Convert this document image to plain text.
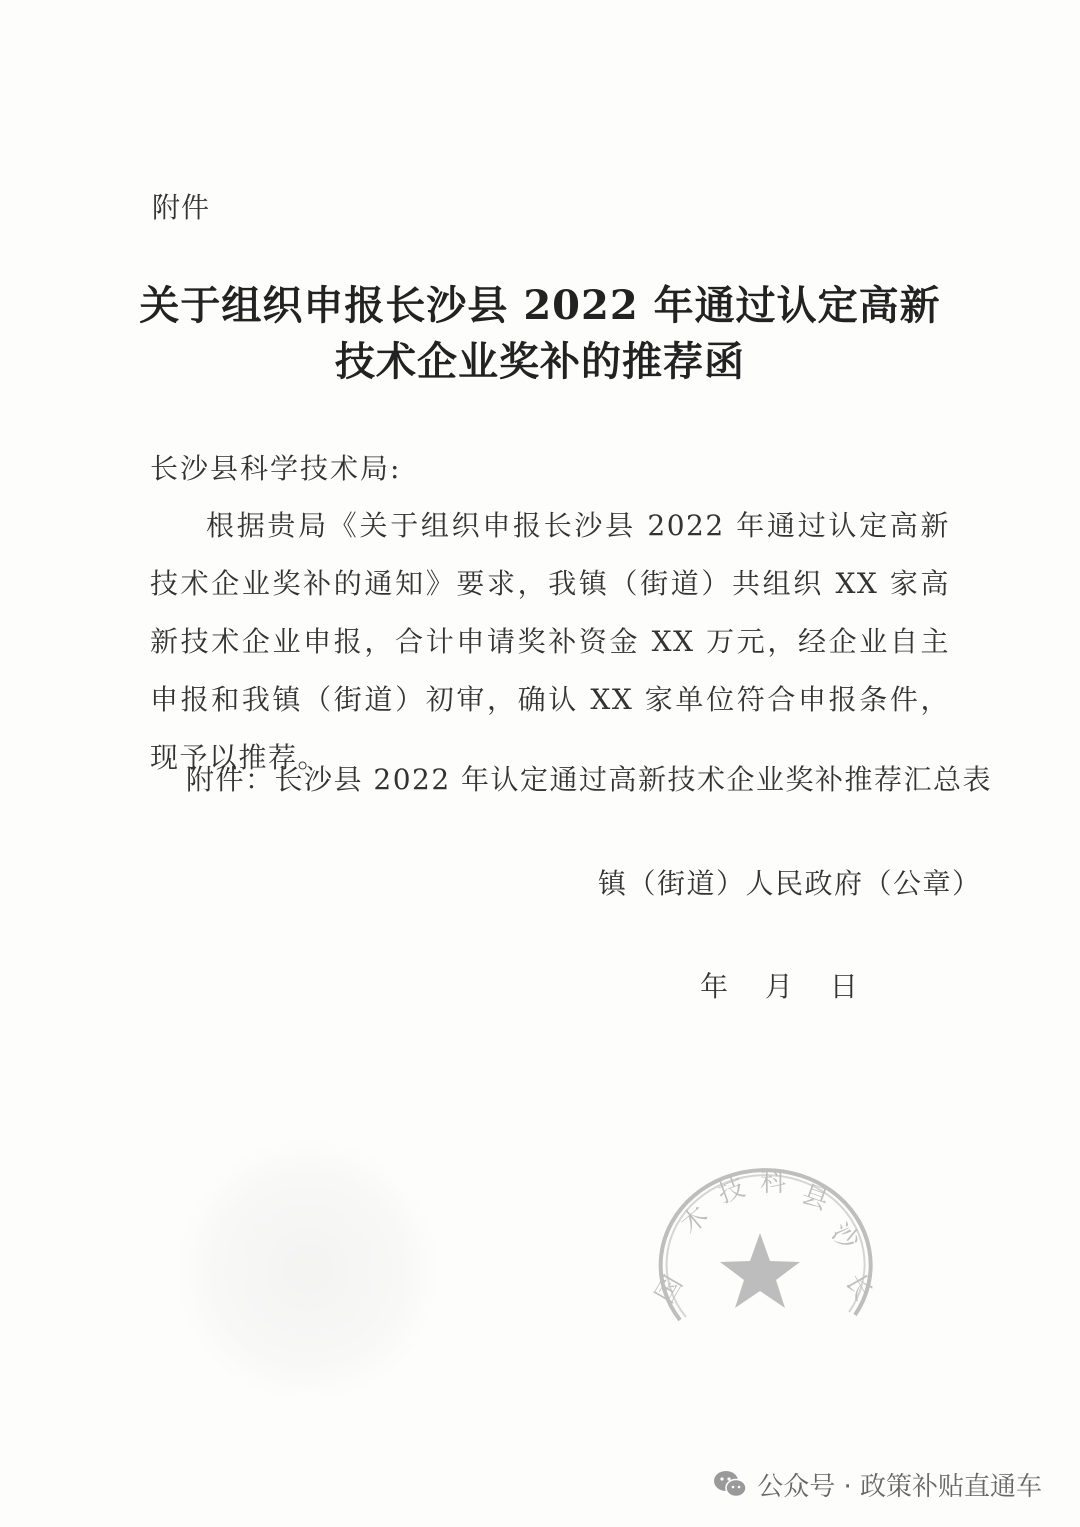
附件
关于组织申报长沙县 2022 年通过认定高新
技术企业奖补的推荐函
长沙县科学技术局:
根据贵局《关于组织申报长沙县 2022 年通过认定高新技术企业奖补的通知》要求，我镇（街道）共组织 XX 家高新技术企业申报，合计申请奖补资金 XX 万元，经企业自主申报和我镇（街道）初审，确认 XX 家单位符合申报条件，现予以推荐。
附件：长沙县 2022 年认定通过高新技术企业奖补推荐汇总表
镇（街道）人民政府（公章）
年 月 日
国
木
技 科 县
沙
长
公众号 · 政策补贴直通车
